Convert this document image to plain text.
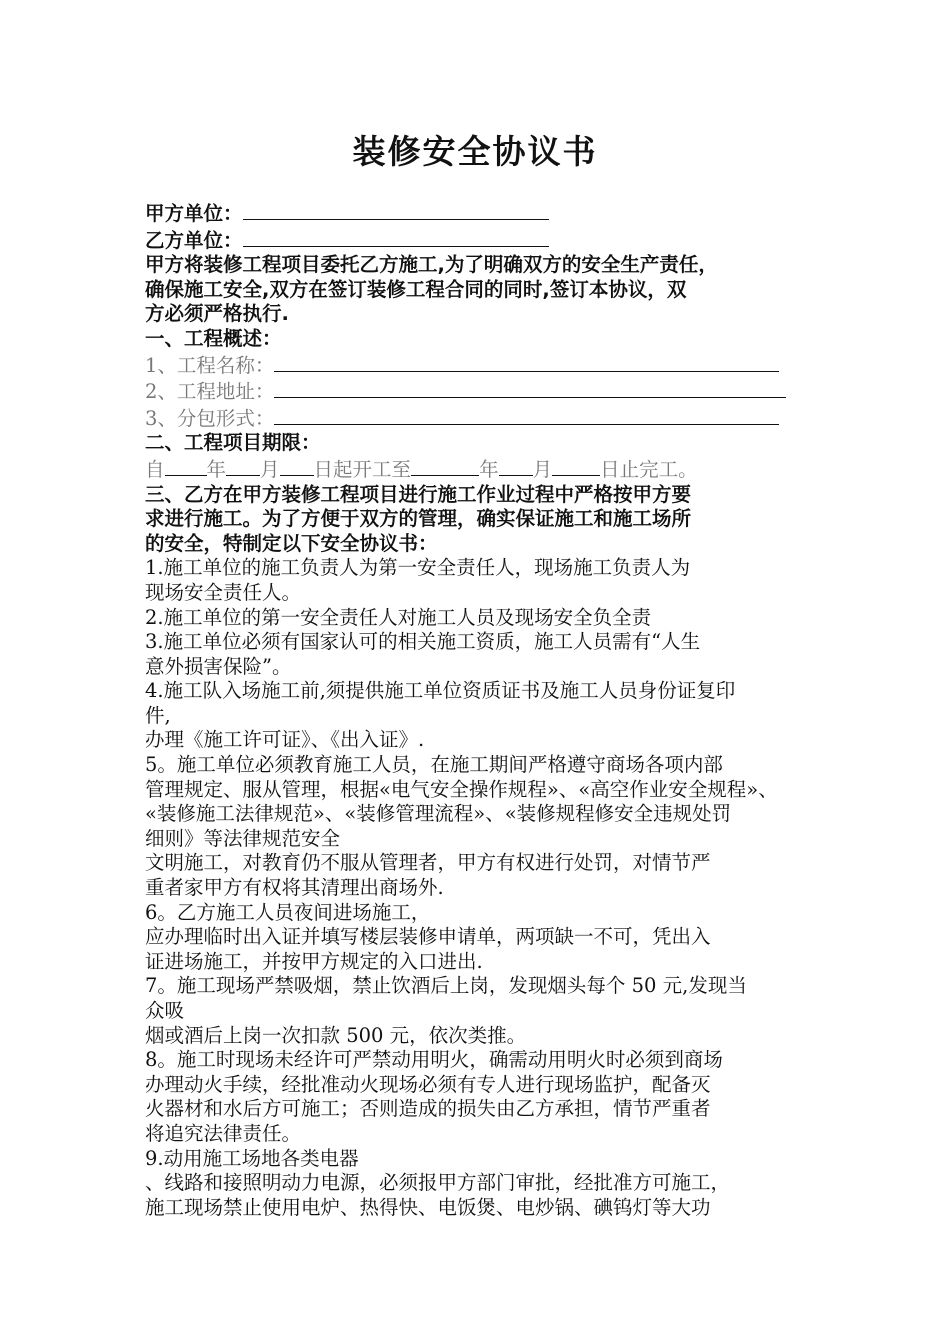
装修安全协议书
甲方单位：
乙方单位：
甲方将装修工程项目委托乙方施工,为了明确双方的安全生产责任，
确保施工安全,双方在签订装修工程合同的同时,签订本协议，双
方必须严格执行.
一、工程概述：
1、工程名称：
2、工程地址：
3、分包形式：
二、工程项目期限：
自 年 月 日起开工至	年 月 日止完工。
三、乙方在甲方装修工程项目进行施工作业过程中严格按甲方要
求进行施工。为了方便于双方的管理，确实保证施工和施工场所
的安全，特制定以下安全协议书：
1.施工单位的施工负责人为第一安全责任人，现场施工负责人为
现场安全责任人。
2.施工单位的第一安全责任人对施工人员及现场安全负全责
3.施工单位必须有国家认可的相关施工资质，施工人员需有“人生
意外损害保险”。
4.施工队入场施工前,须提供施工单位资质证书及施工人员身份证复印
件,
办理《施工许可证》、《出入证》.
5。施工单位必须教育施工人员，在施工期间严格遵守商场各项内部
管理规定、服从管理，根据«电气安全操作规程»、«高空作业安全规程»、
«装修施工法律规范»、«装修管理流程»、«装修规程修安全违规处罚
细则》等法律规范安全
文明施工，对教育仍不服从管理者，甲方有权进行处罚，对情节严
重者家甲方有权将其清理出商场外.
6。乙方施工人员夜间进场施工，
应办理临时出入证并填写楼层装修申请单，两项缺一不可，凭出入
证进场施工，并按甲方规定的入口进出.
7。施工现场严禁吸烟，禁止饮酒后上岗，发现烟头每个 50 元,发现当
众吸
烟或酒后上岗一次扣款 500 元，依次类推。
8。施工时现场未经许可严禁动用明火，确需动用明火时必须到商场
办理动火手续，经批准动火现场必须有专人进行现场监护，配备灭
火器材和水后方可施工；否则造成的损失由乙方承担，情节严重者
将追究法律责任。
9.动用施工场地各类电器
、线路和接照明动力电源，必须报甲方部门审批，经批准方可施工，
施工现场禁止使用电炉、热得快、电饭煲、电炒锅、碘钨灯等大功
